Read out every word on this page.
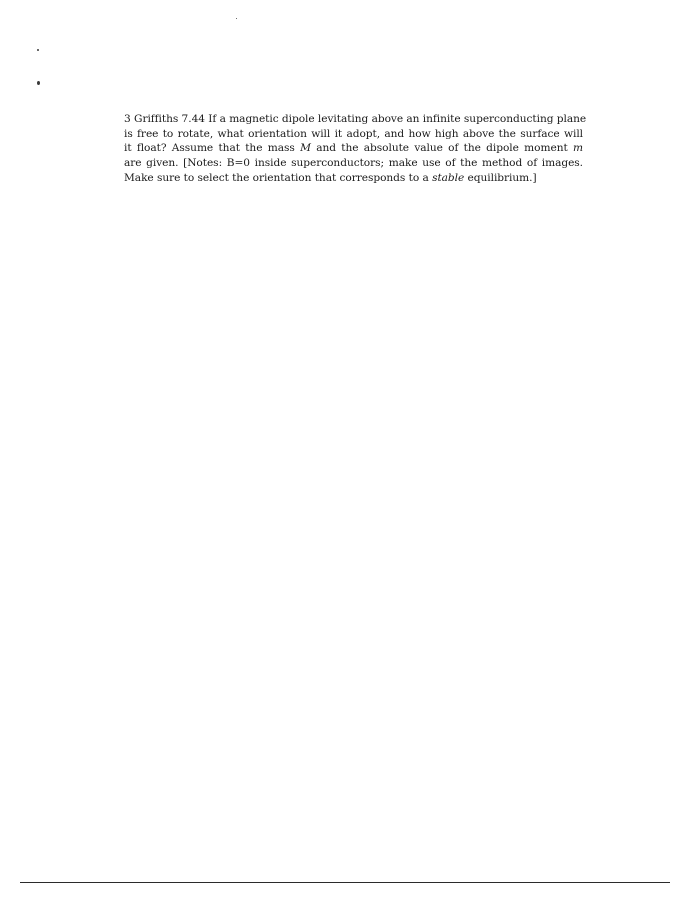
3 Griffiths 7.44 If a magnetic dipole levitating above an infinite superconducting plane
is free to rotate, what orientation will it adopt, and how high above the surface will
it float? Assume that the mass M and the absolute value of the dipole moment m
are given. [Notes: B=0 inside superconductors; make use of the method of images.
Make sure to select the orientation that corresponds to a stable equilibrium.]
